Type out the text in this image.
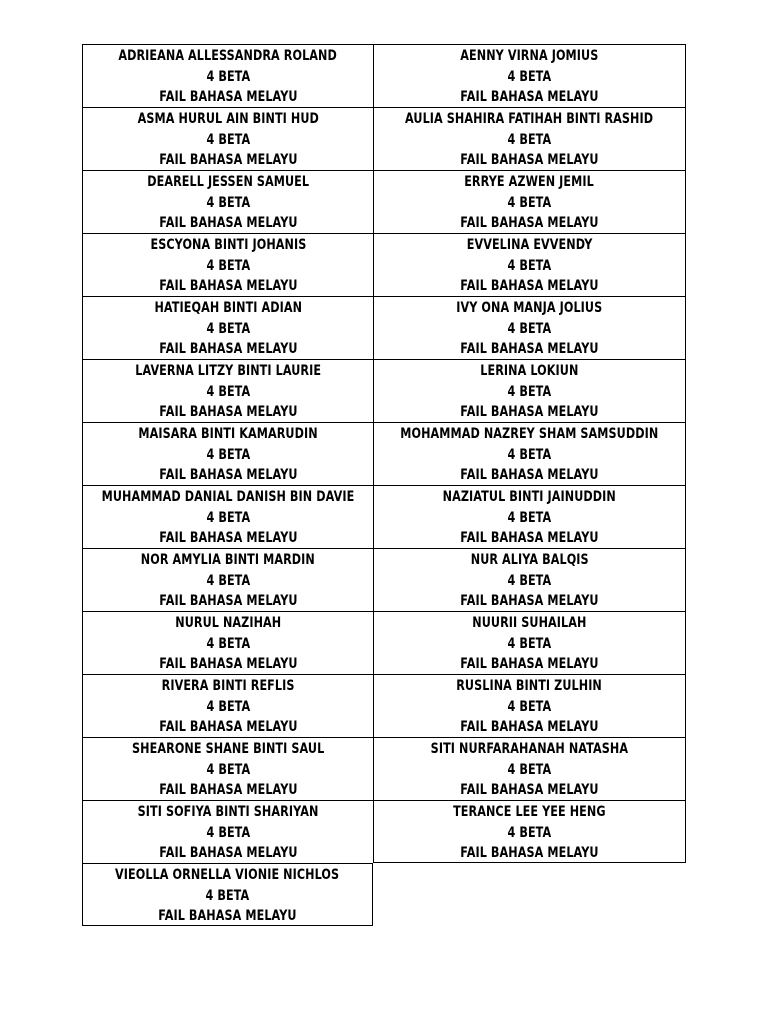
ADRIEANA ALLESSANDRA ROLAND
4 BETA
FAIL BAHASA MELAYU
AENNY VIRNA JOMIUS
4 BETA
FAIL BAHASA MELAYU
ASMA HURUL AIN BINTI HUD
4 BETA
FAIL BAHASA MELAYU
AULIA SHAHIRA FATIHAH BINTI RASHID
4 BETA
FAIL BAHASA MELAYU
DEARELL JESSEN SAMUEL
4 BETA
FAIL BAHASA MELAYU
ERRYE AZWEN JEMIL
4 BETA
FAIL BAHASA MELAYU
ESCYONA BINTI JOHANIS
4 BETA
FAIL BAHASA MELAYU
EVVELINA EVVENDY
4 BETA
FAIL BAHASA MELAYU
HATIEQAH BINTI ADIAN
4 BETA
FAIL BAHASA MELAYU
IVY ONA MANJA JOLIUS
4 BETA
FAIL BAHASA MELAYU
LAVERNA LITZY BINTI LAURIE
4 BETA
FAIL BAHASA MELAYU
LERINA LOKIUN
4 BETA
FAIL BAHASA MELAYU
MAISARA BINTI KAMARUDIN
4 BETA
FAIL BAHASA MELAYU
MOHAMMAD NAZREY SHAM SAMSUDDIN
4 BETA
FAIL BAHASA MELAYU
MUHAMMAD DANIAL DANISH BIN DAVIE
4 BETA
FAIL BAHASA MELAYU
NAZIATUL BINTI JAINUDDIN
4 BETA
FAIL BAHASA MELAYU
NOR AMYLIA BINTI MARDIN
4 BETA
FAIL BAHASA MELAYU
NUR ALIYA BALQIS
4 BETA
FAIL BAHASA MELAYU
NURUL NAZIHAH
4 BETA
FAIL BAHASA MELAYU
NUURII SUHAILAH
4 BETA
FAIL BAHASA MELAYU
RIVERA BINTI REFLIS
4 BETA
FAIL BAHASA MELAYU
RUSLINA BINTI ZULHIN
4 BETA
FAIL BAHASA MELAYU
SHEARONE SHANE BINTI SAUL
4 BETA
FAIL BAHASA MELAYU
SITI NURFARAHANAH NATASHA
4 BETA
FAIL BAHASA MELAYU
SITI SOFIYA BINTI SHARIYAN
4 BETA
FAIL BAHASA MELAYU
TERANCE LEE YEE HENG
4 BETA
FAIL BAHASA MELAYU
VIEOLLA ORNELLA VIONIE NICHLOS
4 BETA
FAIL BAHASA MELAYU
